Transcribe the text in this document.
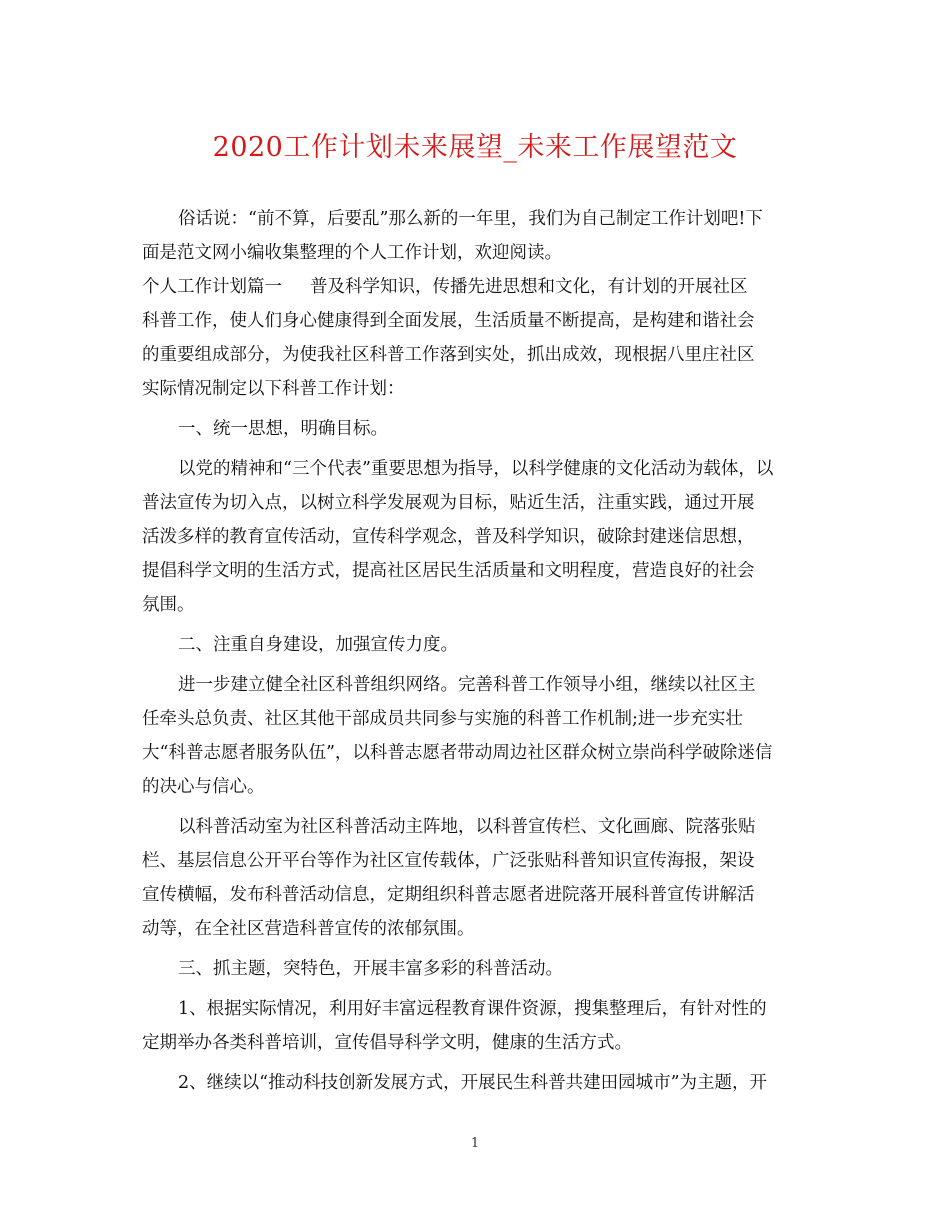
2020工作计划未来展望_未来工作展望范文
俗话说：“前不算，后要乱”那么新的一年里，我们为自己制定工作计划吧!下
面是范文网小编收集整理的个人工作计划，欢迎阅读。
个人工作计划篇一 普及科学知识，传播先进思想和文化，有计划的开展社区
科普工作，使人们身心健康得到全面发展，生活质量不断提高，是构建和谐社会
的重要组成部分，为使我社区科普工作落到实处，抓出成效，现根据八里庄社区
实际情况制定以下科普工作计划：
一、统一思想，明确目标。
以党的精神和“三个代表”重要思想为指导，以科学健康的文化活动为载体，以
普法宣传为切入点，以树立科学发展观为目标，贴近生活，注重实践，通过开展
活泼多样的教育宣传活动，宣传科学观念，普及科学知识，破除封建迷信思想，
提倡科学文明的生活方式，提高社区居民生活质量和文明程度，营造良好的社会
氛围。
二、注重自身建设，加强宣传力度。
进一步建立健全社区科普组织网络。完善科普工作领导小组，继续以社区主
任牵头总负责、社区其他干部成员共同参与实施的科普工作机制;进一步充实壮
大“科普志愿者服务队伍”，以科普志愿者带动周边社区群众树立崇尚科学破除迷信
的决心与信心。
以科普活动室为社区科普活动主阵地，以科普宣传栏、文化画廊、院落张贴
栏、基层信息公开平台等作为社区宣传载体，广泛张贴科普知识宣传海报，架设
宣传横幅，发布科普活动信息，定期组织科普志愿者进院落开展科普宣传讲解活
动等，在全社区营造科普宣传的浓郁氛围。
三、抓主题，突特色，开展丰富多彩的科普活动。
1、根据实际情况，利用好丰富远程教育课件资源，搜集整理后，有针对性的
定期举办各类科普培训，宣传倡导科学文明，健康的生活方式。
2、继续以“推动科技创新发展方式，开展民生科普共建田园城市”为主题，开
1
